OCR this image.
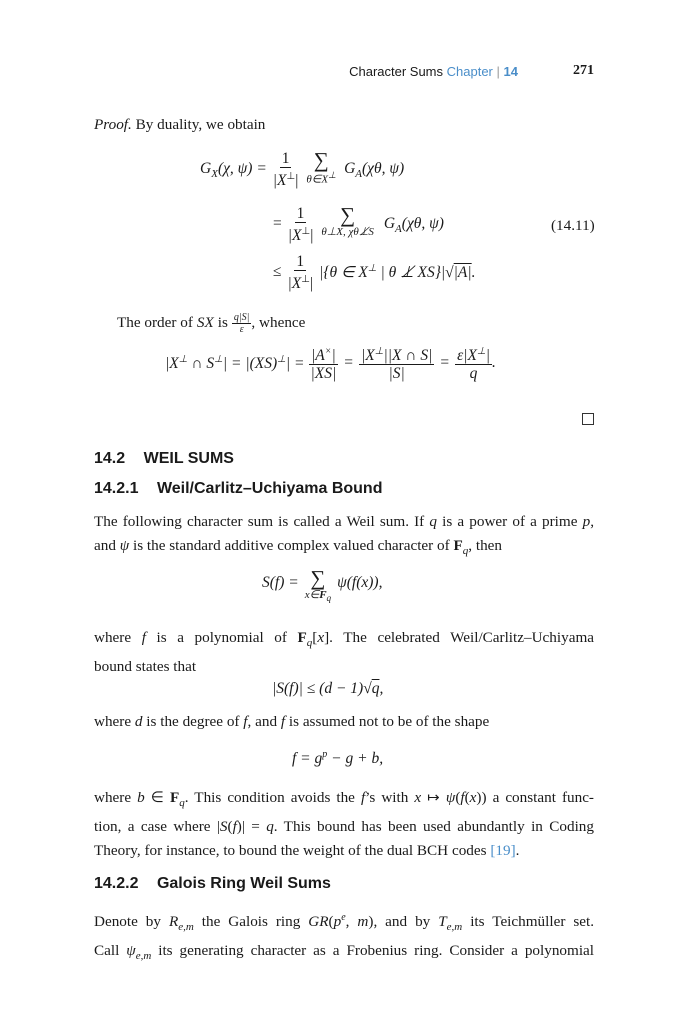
Character Sums Chapter | 14	271
Proof. By duality, we obtain
$G_X(\chi$, $\psi) = \frac{1}{|X^\perp|}$ ∑
θ∈X⊥ $G_A(\chi\theta$, ψ)
= $\frac{1}{|X^\perp|}$ ∑
θ⊥X, χθ⊥̸S $G_A(\chi\theta$, ψ)	(14.11)
≤ $\frac{1}{|X^\perp|} |\{\theta$ ∈ X⊥ | θ ⊥̸ XS}|√|A|.
The order of SX is $\frac{q|S|}{\varepsilon}$ , whence
|X⊥ ∩ $S^\perp| = |(XS)^\perp| = \frac{|A^\times|}{|XS|} = \frac{|X^\perp||X \cap S|}{|S|} = \frac{\varepsilon|X^\perp|}{q}$ .
14.2 WEIL SUMS
14.2.1 Weil/Carlitz–Uchiyama Bound
The following character sum is called a Weil sum. If q is a power of a prime p,
and ψ is the standard additive complex valued character of $F_q$, then
S(f) = ∑
$x\in F_q$
ψ(f(x)),
where f is a polynomial of $F_q[x]$. The celebrated Weil/Carlitz–Uchiyama
bound states that
|S(f)| ≤ (d − 1)√q,
where d is the degree of f, and f is assumed not to be of the shape
$f = g^p - g + b$,
where b ∈ $F_q$. This condition avoids the f’s with x ↦ ψ(f(x)) a constant func-
tion, a case where |S(f)| = q. This bound has been used abundantly in Coding
Theory, for instance, to bound the weight of the dual BCH codes [19].
14.2.2 Galois Ring Weil Sums
Denote by $R_{e,m}$ the Galois ring $GR(p^e$, m), and by $T_{e,m}$ its Teichmüller set.
Call $\psi_{e,m}$ its generating character as a Frobenius ring. Consider a polynomial
